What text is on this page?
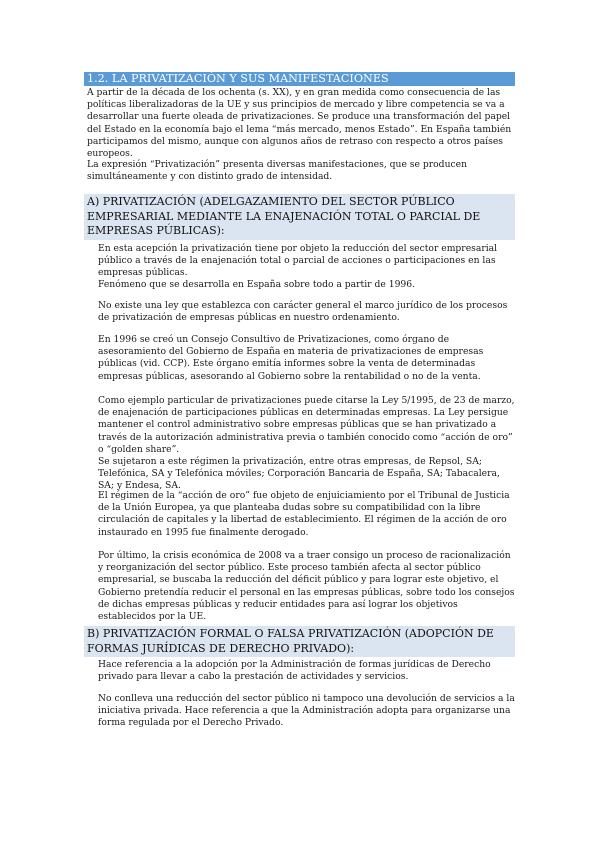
1.2. LA PRIVATIZACIÓN Y SUS MANIFESTACIONES

A partir de la década de los ochenta (s. XX), y en gran medida como consecuencia de las políticas liberalizadoras de la UE y sus principios de mercado y libre competencia se va a desarrollar una fuerte oleada de privatizaciones. Se produce una transformación del papel del Estado en la economía bajo el lema “más mercado, menos Estado”. En España también participamos del mismo, aunque con algunos años de retraso con respecto a otros países europeos.

La expresión “Privatización” presenta diversas manifestaciones, que se producen simultáneamente y con distinto grado de intensidad.

A) PRIVATIZACIÓN (ADELGAZAMIENTO DEL SECTOR PÚBLICO EMPRESARIAL MEDIANTE LA ENAJENACIÓN TOTAL O PARCIAL DE EMPRESAS PÚBLICAS):

En esta acepción la privatización tiene por objeto la reducción del sector empresarial público a través de la enajenación total o parcial de acciones o participaciones en las empresas públicas.

Fenómeno que se desarrolla en España sobre todo a partir de 1996.

No existe una ley que establezca con carácter general el marco jurídico de los procesos de privatización de empresas públicas en nuestro ordenamiento.

En 1996 se creó un Consejo Consultivo de Privatizaciones, como órgano de asesoramiento del Gobierno de España en materia de privatizaciones de empresas públicas (vid. CCP). Este órgano emitía informes sobre la venta de determinadas empresas públicas, asesorando al Gobierno sobre la rentabilidad o no de la venta.

Como ejemplo particular de privatizaciones puede citarse la Ley 5/1995, de 23 de marzo, de enajenación de participaciones públicas en determinadas empresas. La Ley persigue mantener el control administrativo sobre empresas públicas que se han privatizado a través de la autorización administrativa previa o también conocido como “acción de oro” o “golden share”.

Se sujetaron a este régimen la privatización, entre otras empresas, de Repsol, SA; Telefónica, SA y Telefónica móviles; Corporación Bancaria de España, SA; Tabacalera, SA; y Endesa, SA.

El régimen de la “acción de oro” fue objeto de enjuiciamiento por el Tribunal de Justicia de la Unión Europea, ya que planteaba dudas sobre su compatibilidad con la libre circulación de capitales y la libertad de establecimiento. El régimen de la acción de oro instaurado en 1995 fue finalmente derogado.

Por último, la crisis económica de 2008 va a traer consigo un proceso de racionalización y reorganización del sector público. Este proceso también afecta al sector público empresarial, se buscaba la reducción del déficit público y para lograr este objetivo, el Gobierno pretendía reducir el personal en las empresas públicas, sobre todo los consejos de dichas empresas públicas y reducir entidades para así lograr los objetivos establecidos por la UE.

B) PRIVATIZACIÓN FORMAL O FALSA PRIVATIZACIÓN (ADOPCIÓN DE FORMAS JURÍDICAS DE DERECHO PRIVADO):

Hace referencia a la adopción por la Administración de formas jurídicas de Derecho privado para llevar a cabo la prestación de actividades y servicios.

No conlleva una reducción del sector público ni tampoco una devolución de servicios a la iniciativa privada. Hace referencia a que la Administración adopta para organizarse una forma regulada por el Derecho Privado.
